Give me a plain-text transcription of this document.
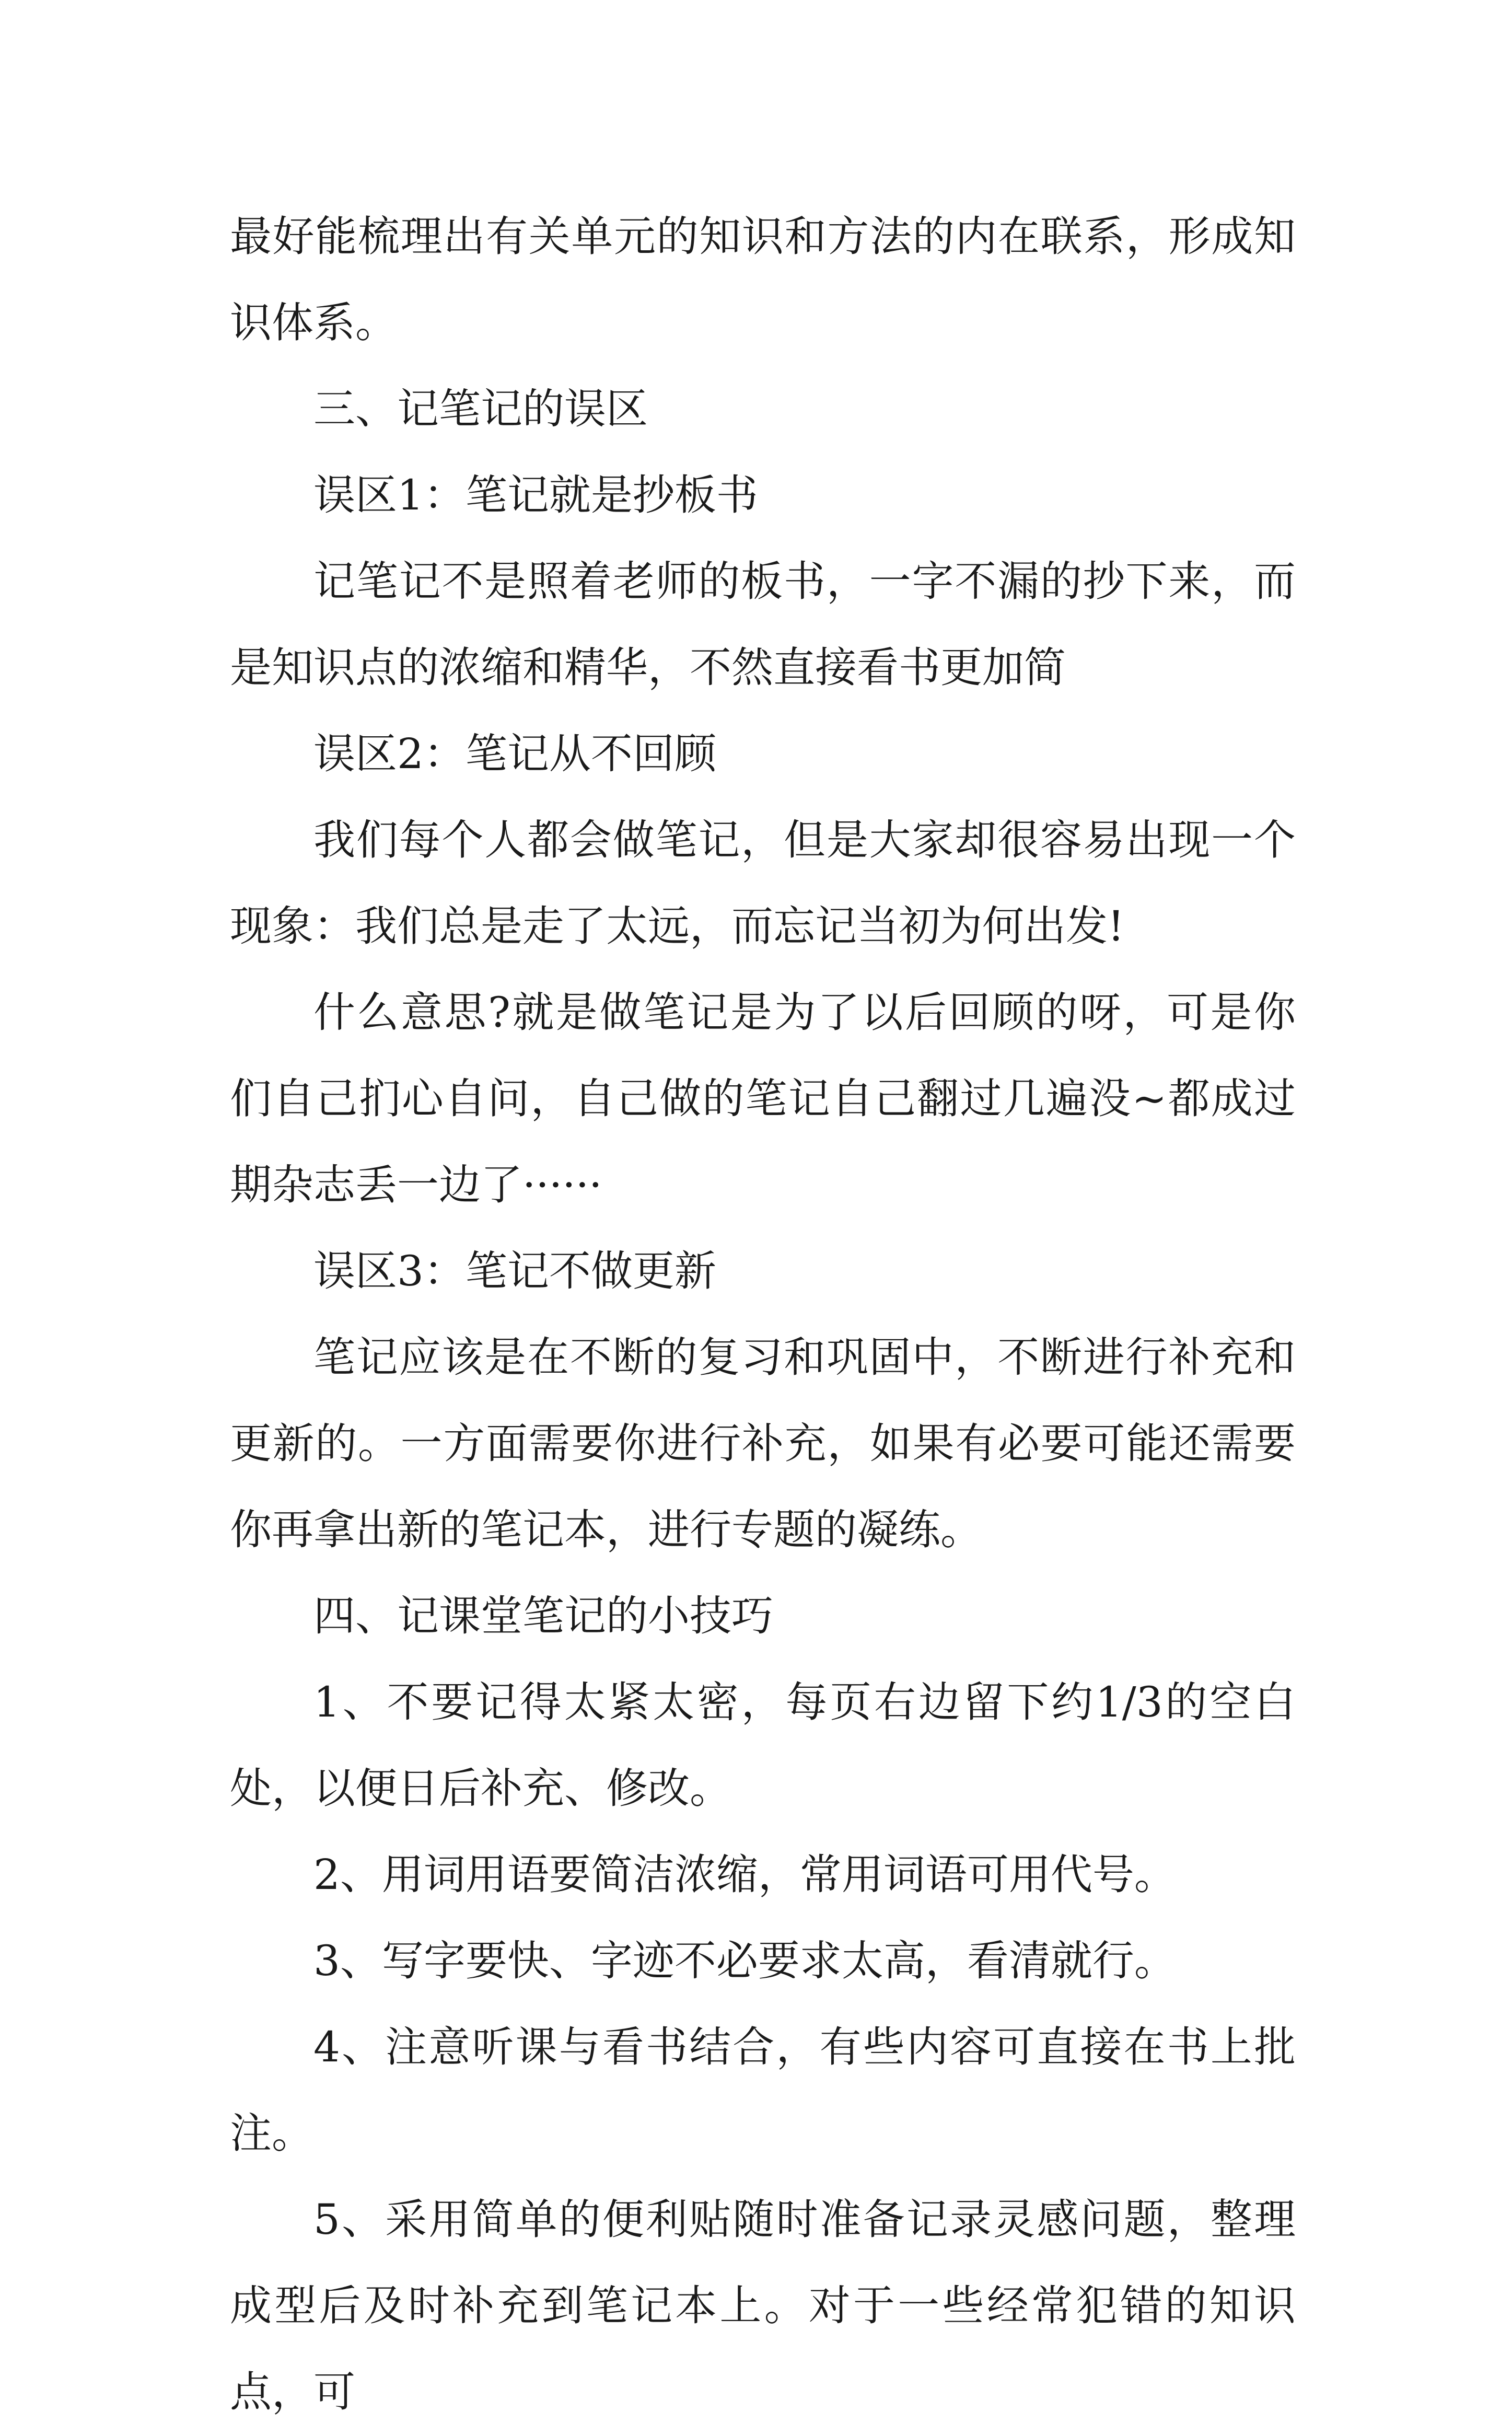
最好能梳理出有关单元的知识和方法的内在联系，形成知识体系。

三、记笔记的误区

误区1：笔记就是抄板书

记笔记不是照着老师的板书，一字不漏的抄下来，而是知识点的浓缩和精华，不然直接看书更加简

误区2：笔记从不回顾

我们每个人都会做笔记，但是大家却很容易出现一个现象：我们总是走了太远，而忘记当初为何出发!

什么意思?就是做笔记是为了以后回顾的呀，可是你们自己扪心自问，自己做的笔记自己翻过几遍没~都成过期杂志丢一边了······

误区3：笔记不做更新

笔记应该是在不断的复习和巩固中，不断进行补充和更新的。一方面需要你进行补充，如果有必要可能还需要你再拿出新的笔记本，进行专题的凝练。

四、记课堂笔记的小技巧

1、不要记得太紧太密，每页右边留下约1/3的空白处，以便日后补充、修改。

2、用词用语要简洁浓缩，常用词语可用代号。

3、写字要快、字迹不必要求太高，看清就行。

4、注意听课与看书结合，有些内容可直接在书上批注。

5、采用简单的便利贴随时准备记录灵感问题，整理成型后及时补充到笔记本上。对于一些经常犯错的知识点，可
